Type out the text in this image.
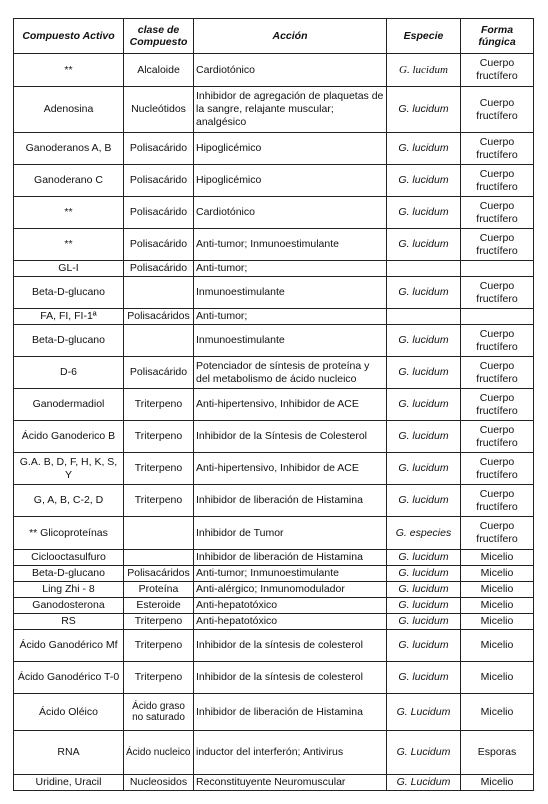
Compuesto Activo	clase de Compuesto	Acción	Especie	Forma fúngica
**	Alcaloide	Cardiotónico	G. lucidum	Cuerpo fructífero
Adenosina	Nucleótidos	Inhibidor de agregación de plaquetas de la sangre, relajante muscular; analgésico	G. lucidum	Cuerpo fructífero
Ganoderanos A, B	Polisacárido	Hipoglicémico	G. lucidum	Cuerpo fructífero
Ganoderano C	Polisacárido	Hipoglicémico	G. lucidum	Cuerpo fructífero
**	Polisacárido	Cardiotónico	G. lucidum	Cuerpo fructífero
**	Polisacárido	Anti-tumor; Inmunoestimulante	G. lucidum	Cuerpo fructífero
GL-I	Polisacárido	Anti-tumor;		
Beta-D-glucano		Inmunoestimulante	G. lucidum	Cuerpo fructífero
FA, FI, FI-1ª	Polisacáridos	Anti-tumor;		
Beta-D-glucano		Inmunoestimulante	G. lucidum	Cuerpo fructífero
D-6	Polisacárido	Potenciador de síntesis de proteína y del metabolismo de ácido nucleico	G. lucidum	Cuerpo fructífero
Ganodermadiol	Triterpeno	Anti-hipertensivo, Inhibidor de ACE	G. lucidum	Cuerpo fructífero
Ácido Ganoderico B	Triterpeno	Inhibidor de la Síntesis de Colesterol	G. lucidum	Cuerpo fructífero
G.A. B, D, F, H, K, S, Y	Triterpeno	Anti-hipertensivo, Inhibidor de ACE	G. lucidum	Cuerpo fructífero
G, A, B, C-2, D	Triterpeno	Inhibidor de liberación de Histamina	G. lucidum	Cuerpo fructífero
** Glicoproteínas		Inhibidor de Tumor	G. especies	Cuerpo fructífero
Ciclooctasulfuro		Inhibidor de liberación de Histamina	G. lucidum	Micelio
Beta-D-glucano	Polisacáridos	Anti-tumor; Inmunoestimulante	G. lucidum	Micelio
Ling Zhi - 8	Proteína	Anti-alérgico; Inmunomodulador	G. lucidum	Micelio
Ganodosterona	Esteroide	Anti-hepatotóxico	G. lucidum	Micelio
RS	Triterpeno	Anti-hepatotóxico	G. lucidum	Micelio
Ácido Ganodérico Mf	Triterpeno	Inhibidor de la síntesis de colesterol	G. lucidum	Micelio
Ácido Ganodérico T-0	Triterpeno	Inhibidor de la síntesis de colesterol	G. lucidum	Micelio
Ácido Oléico	Ácido graso no saturado	Inhibidor de liberación de Histamina	G. Lucidum	Micelio
RNA	Ácido nucleico	inductor del interferón; Antivirus	G. Lucidum	Esporas
Uridine, Uracil	Nucleosidos	Reconstituyente Neuromuscular	G. Lucidum	Micelio
